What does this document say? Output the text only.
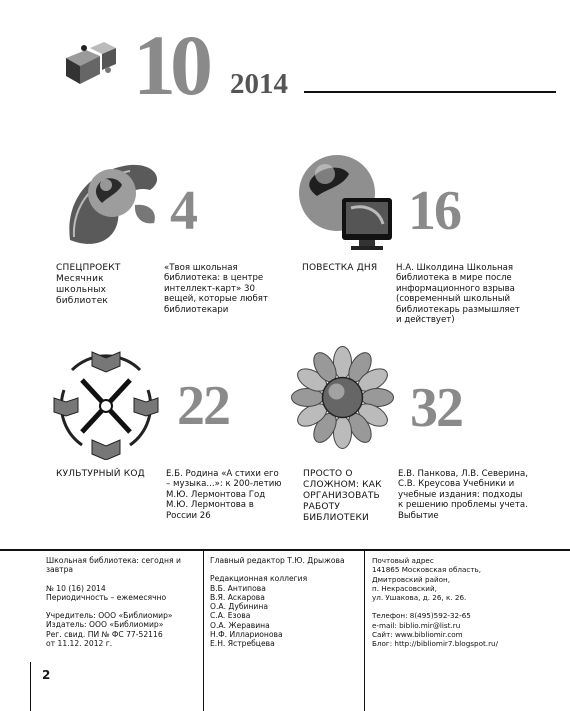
10 2014
4
СПЕЦПРОЕКТ Месячник школьных библиотек
«Твоя школьная библиотека: в центре интеллект-карт» 30 вещей, которые любят библиотекари
16
ПОВЕСТКА ДНЯ	Н.А. Школдина Школьная библиотека в мире после информационного взрыва (современный школьный библиотекарь размышляет и действует)
22
КУЛЬТУРНЫЙ КОД	Е.Б. Родина «А стихи его – музыка...»: к 200-летию М.Ю. Лермонтова Год М.Ю. Лермонтова в России 26
32
ПРОСТО О СЛОЖНОМ: КАК ОРГАНИЗОВАТЬ РАБОТУ БИБЛИОТЕКИ
Е.В. Панкова, Л.В. Северина, С.В. Креусова Учебники и учебные издания: подходы к решению проблемы учета. Выбытие
Школьная библиотека: сегодня и завтра
№ 10 (16) 2014
Периодичность – ежемесячно
Учредитель: ООО «Библиомир»
Издатель: ООО «Библиомир»
Рег. свид. ПИ № ФС 77-52116
от 11.12. 2012 г.
Главный редактор Т.Ю. Дрыжова
Редакционная коллегия
В.Б. Антипова
В.Я. Аскарова
О.А. Дубинина
С.А. Езова
О.А. Жеравина
Н.Ф. Илларионова
Е.Н. Ястребцева
Почтовый адрес
141865 Московская область,
Дмитровский район,
п. Некрасовский,
ул. Ушакова, д. 26, к. 26.
Телефон: 8(495)592-32-65
e-mail: biblio.mir@list.ru
Сайт: www.bibliomir.com
Блог: http://bibliomir7.blogspot.ru/
2
